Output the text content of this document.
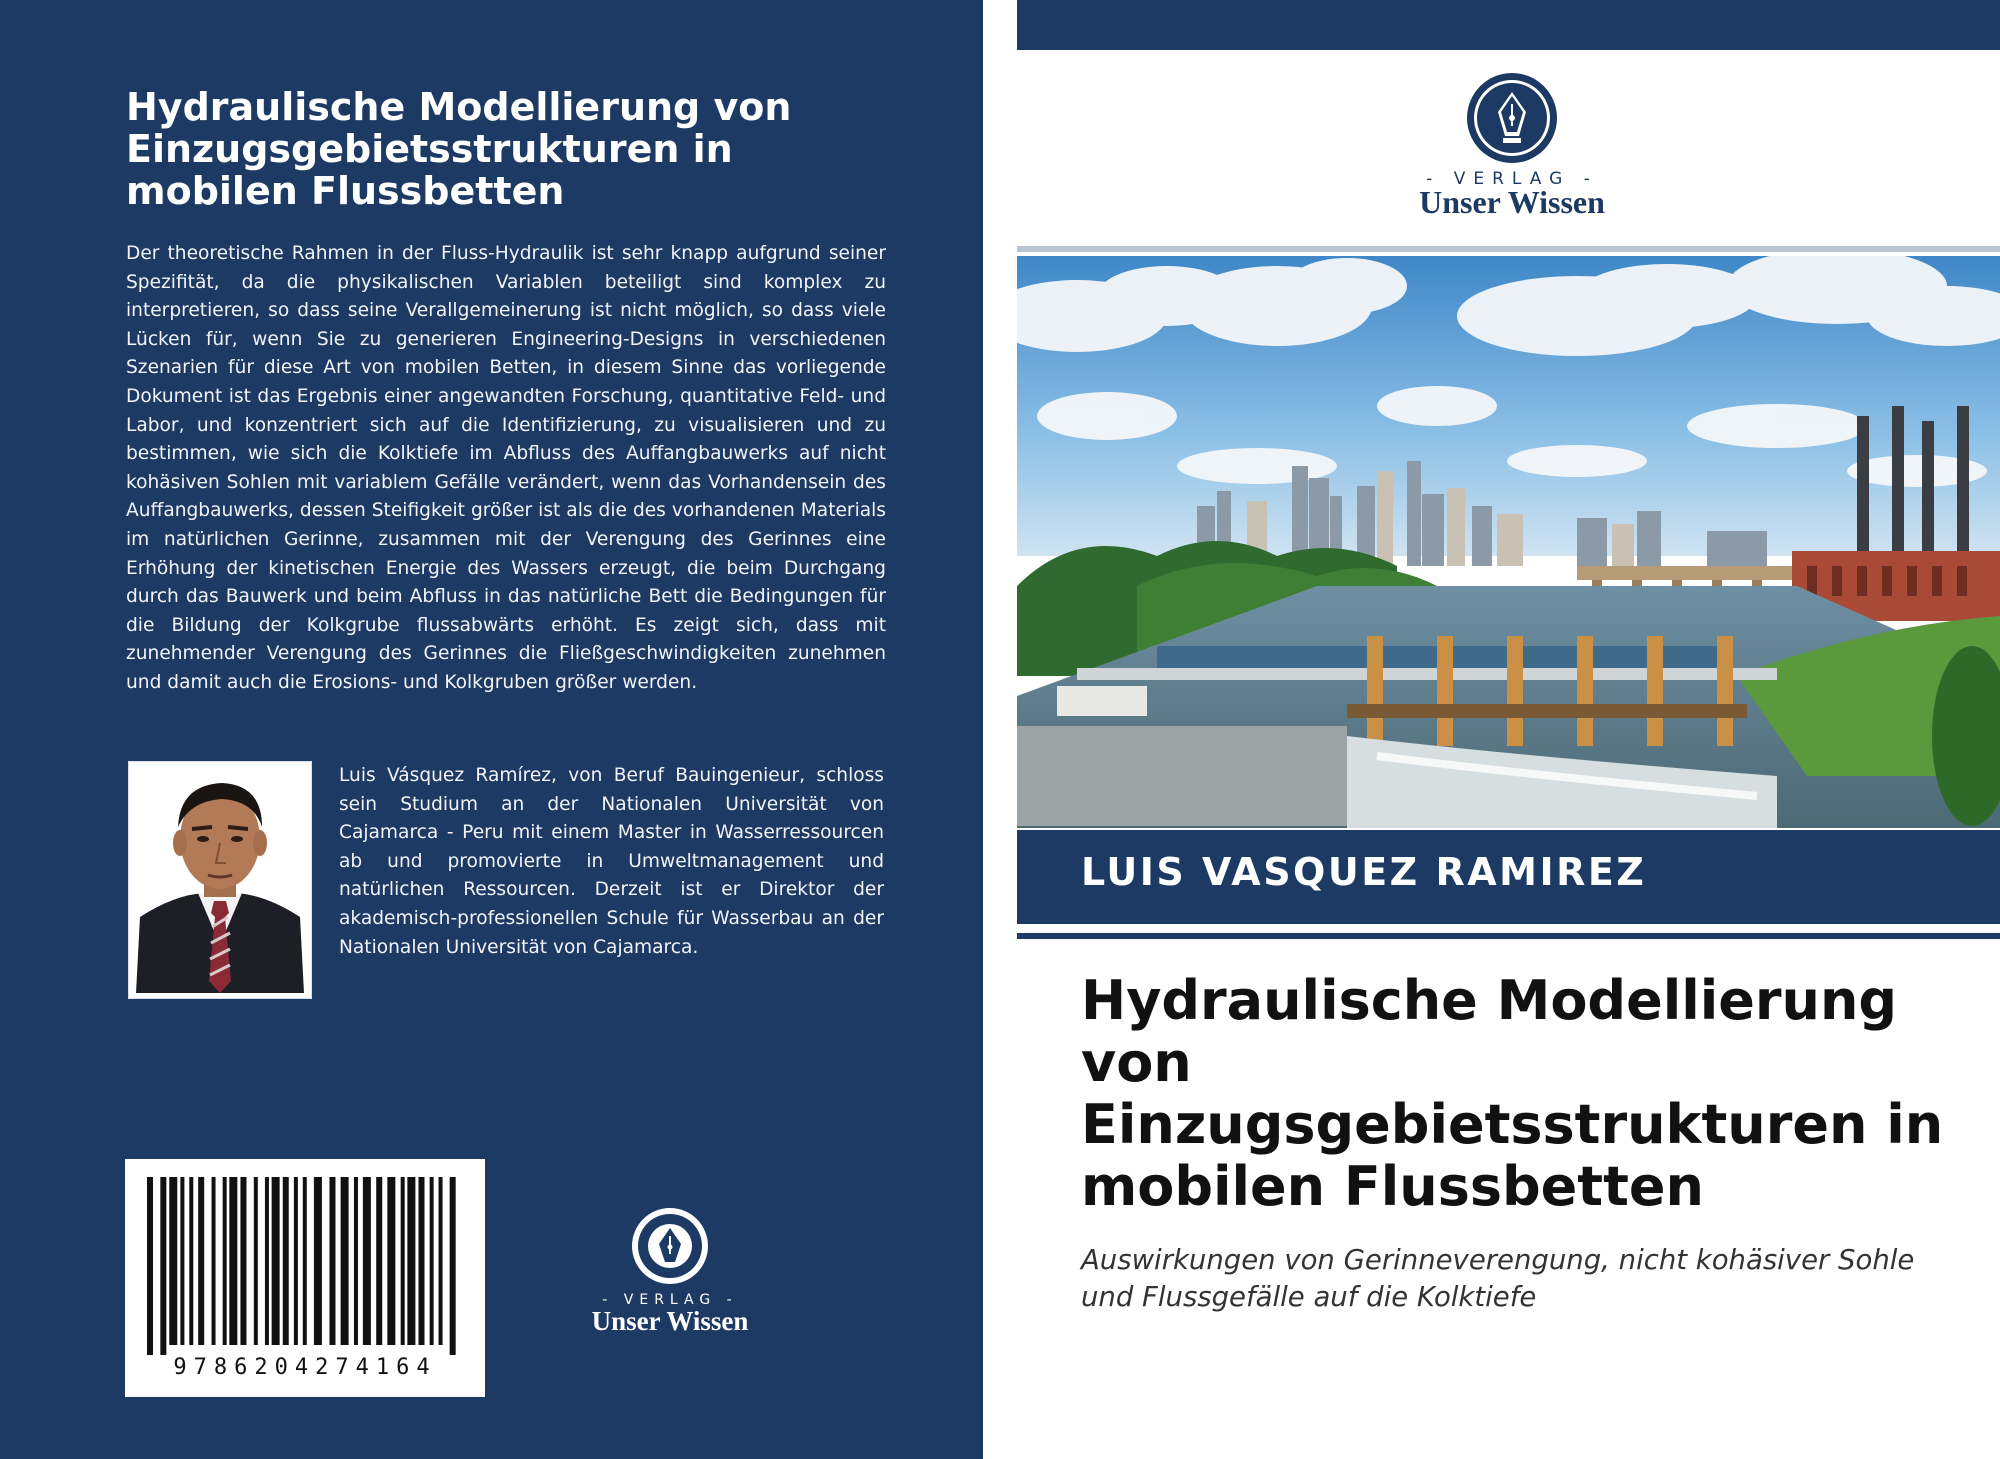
Hydraulische Modellierung von Einzugsgebietsstrukturen in mobilen Flussbetten

Der theoretische Rahmen in der Fluss-Hydraulik ist sehr knapp aufgrund seiner Spezifität, da die physikalischen Variablen beteiligt sind komplex zu interpretieren, so dass seine Verallgemeinerung ist nicht möglich, so dass viele Lücken für, wenn Sie zu generieren Engineering-Designs in verschiedenen Szenarien für diese Art von mobilen Betten, in diesem Sinne das vorliegende Dokument ist das Ergebnis einer angewandten Forschung, quantitative Feld- und Labor, und konzentriert sich auf die Identifizierung, zu visualisieren und zu bestimmen, wie sich die Kolktiefe im Abfluss des Auffangbauwerks auf nicht kohäsiven Sohlen mit variablem Gefälle verändert, wenn das Vorhandensein des Auffangbauwerks, dessen Steifigkeit größer ist als die des vorhandenen Materials im natürlichen Gerinne, zusammen mit der Verengung des Gerinnes eine Erhöhung der kinetischen Energie des Wassers erzeugt, die beim Durchgang durch das Bauwerk und beim Abfluss in das natürliche Bett die Bedingungen für die Bildung der Kolkgrube flussabwärts erhöht. Es zeigt sich, dass mit zunehmender Verengung des Gerinnes die Fließgeschwindigkeiten zunehmen und damit auch die Erosions- und Kolkgruben größer werden.

Luis Vásquez Ramírez, von Beruf Bauingenieur, schloss sein Studium an der Nationalen Universität von Cajamarca - Peru mit einem Master in Wasserressourcen ab und promovierte in Umweltmanagement und natürlichen Ressourcen. Derzeit ist er Direktor der akademisch-professionellen Schule für Wasserbau an der Nationalen Universität von Cajamarca.

9786204274164
- VERLAG -
Unser Wissen
- VERLAG -
Unser Wissen
LUIS VASQUEZ RAMIREZ
Hydraulische Modellierung von Einzugsgebietsstrukturen in mobilen Flussbetten

Auswirkungen von Gerinneverengung, nicht kohäsiver Sohle und Flussgefälle auf die Kolktiefe
